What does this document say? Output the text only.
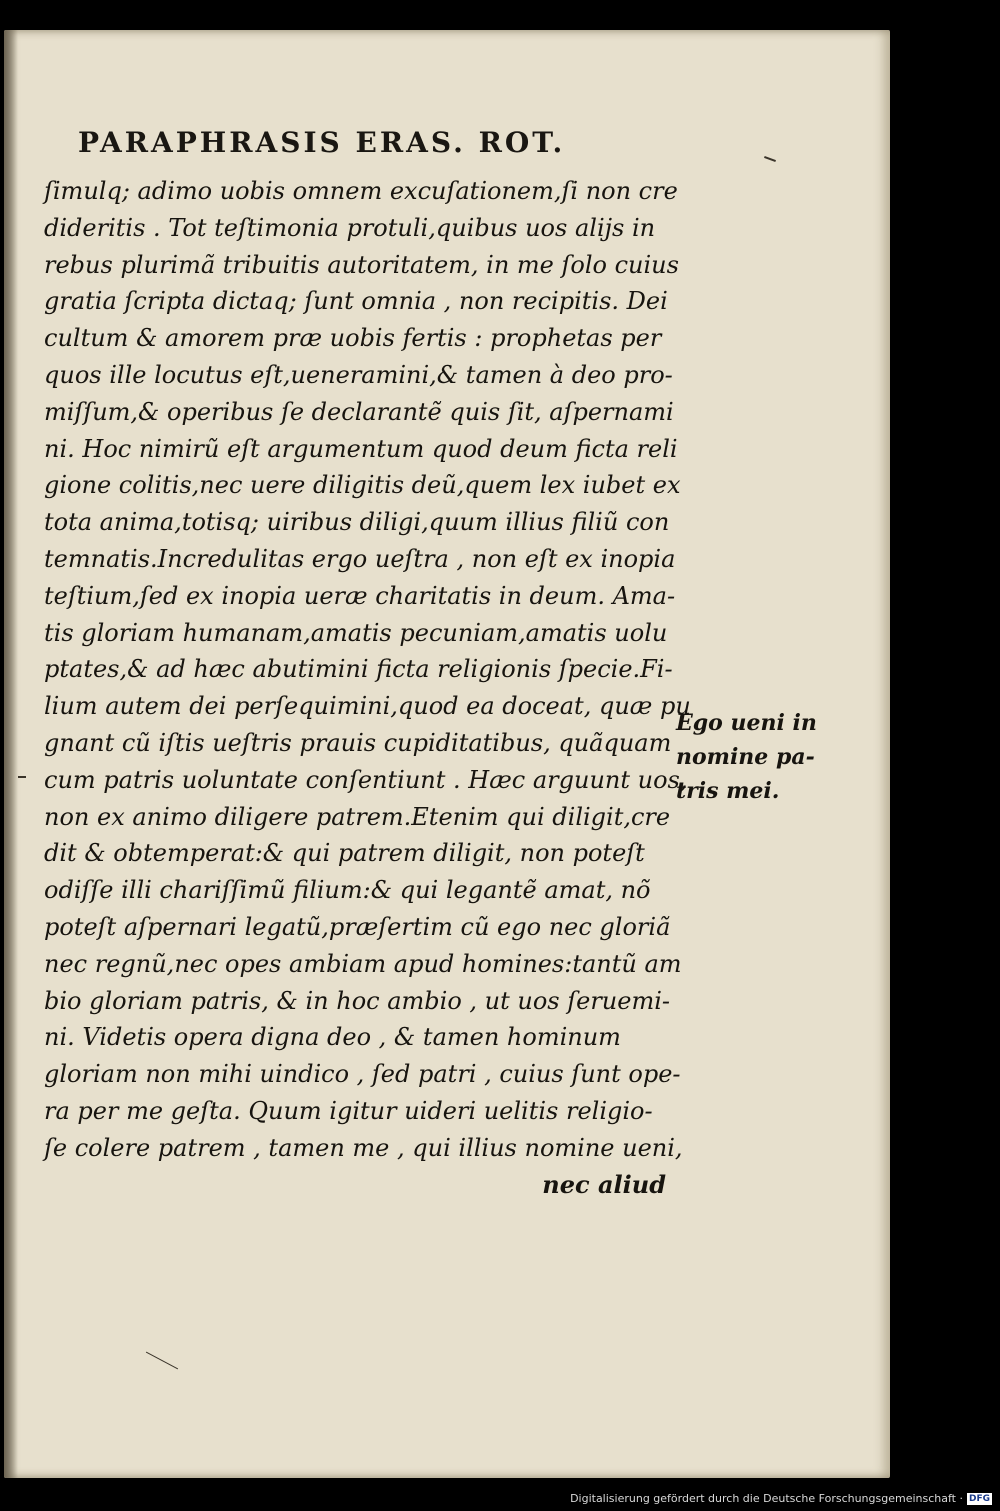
PARAPHRASIS ERAS. ROT.
ſimulq; adimo uobis omnem excuſationem,ſi non cre
dideritis . Tot teſtimonia protuli,quibus uos alijs in
rebus plurimã tribuitis autoritatem, in me ſolo cuius
gratia ſcripta dictaq; ſunt omnia , non recipitis. Dei
cultum & amorem præ uobis fertis : prophetas per
quos ille locutus eſt,ueneramini,& tamen à deo pro-
miſſum,& operibus ſe declarantẽ quis ſit, aſpernami
ni. Hoc nimirũ eſt argumentum quod deum ficta reli
gione colitis,nec uere diligitis deũ,quem lex iubet ex
tota anima,totisq; uiribus diligi,quum illius filiũ con
temnatis.Incredulitas ergo ueſtra , non eſt ex inopia
teſtium,ſed ex inopia ueræ charitatis in deum. Ama-
tis gloriam humanam,amatis pecuniam,amatis uolu
ptates,& ad hæc abutimini ficta religionis ſpecie.Fi-
lium autem dei perſequimini,quod ea doceat, quæ pu
gnant cũ iſtis ueſtris prauis cupiditatibus, quãquam
cum patris uoluntate conſentiunt . Hæc arguunt uos,
non ex animo diligere patrem.Etenim qui diligit,cre
dit & obtemperat:& qui patrem diligit, non poteſt
odiſſe illi chariſſimũ filium:& qui legantẽ amat, nõ
poteſt aſpernari legatũ,præſertim cũ ego nec gloriã
nec regnũ,nec opes ambiam apud homines:tantũ am
bio gloriam patris, & in hoc ambio , ut uos ſeruemi-
ni. Videtis opera digna deo , & tamen hominum
gloriam non mihi uindico , ſed patri , cuius ſunt ope-
ra per me geſta. Quum igitur uideri uelitis religio-
ſe colere patrem , tamen me , qui illius nomine ueni,
nec aliud
Ego ueni in
nomine pa-
tris mei.
Digitalisierung gefördert durch die Deutsche Forschungsgemeinschaft · DFG
